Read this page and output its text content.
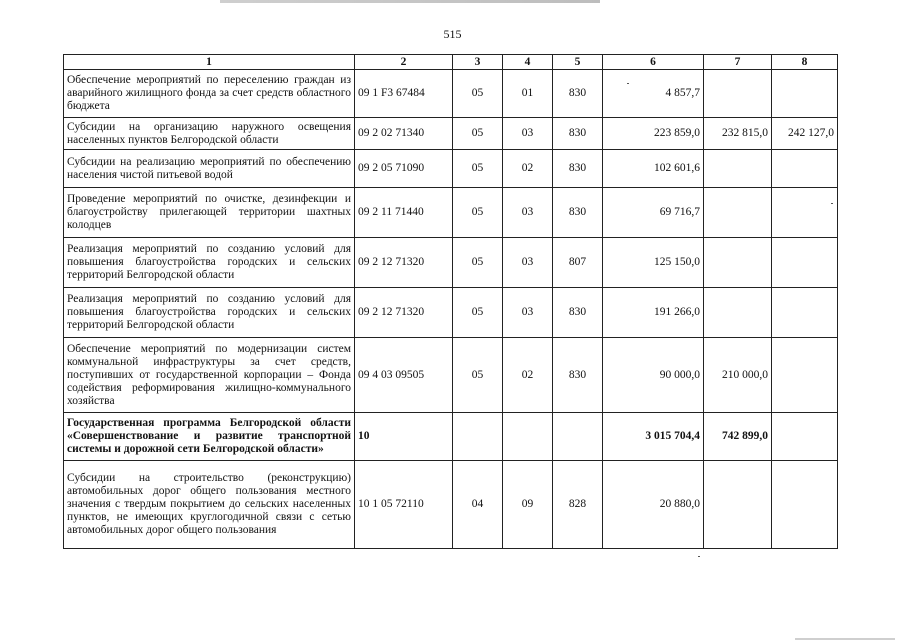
515
1	2	3	4	5	6	7	8
Обеспечение мероприятий по переселению граждан из аварийного жилищного фонда за счет средств областного бюджета	09 1 F3 67484	05	01	830	4 857,7		
Субсидии на организацию наружного освещения населенных пунктов Белгородской области	09 2 02 71340	05	03	830	223 859,0	232 815,0	242 127,0
Субсидии на реализацию мероприятий по обеспечению населения чистой питьевой водой	09 2 05 71090	05	02	830	102 601,6		
Проведение мероприятий по очистке, дезинфекции и благоустройству прилегающей территории шахтных колодцев	09 2 11 71440	05	03	830	69 716,7		
Реализация мероприятий по созданию условий для повышения благоустройства городских и сельских территорий Белгородской области	09 2 12 71320	05	03	807	125 150,0		
Реализация мероприятий по созданию условий для повышения благоустройства городских и сельских территорий Белгородской области	09 2 12 71320	05	03	830	191 266,0		
Обеспечение мероприятий по модернизации систем коммунальной инфраструктуры за счет средств, поступивших от государственной корпорации – Фонда содействия реформирования жилищно-коммунального хозяйства	09 4 03 09505	05	02	830	90 000,0	210 000,0	
Государственная программа Белгородской области «Совершенствование и развитие транспортной системы и дорожной сети Белгородской области»	10				3 015 704,4	742 899,0	
Субсидии на строительство (реконструкцию) автомобильных дорог общего пользования местного значения с твердым покрытием до сельских населенных пунктов, не имеющих круглогодичной связи с сетью автомобильных дорог общего пользования	10 1 05 72110	04	09	828	20 880,0		
